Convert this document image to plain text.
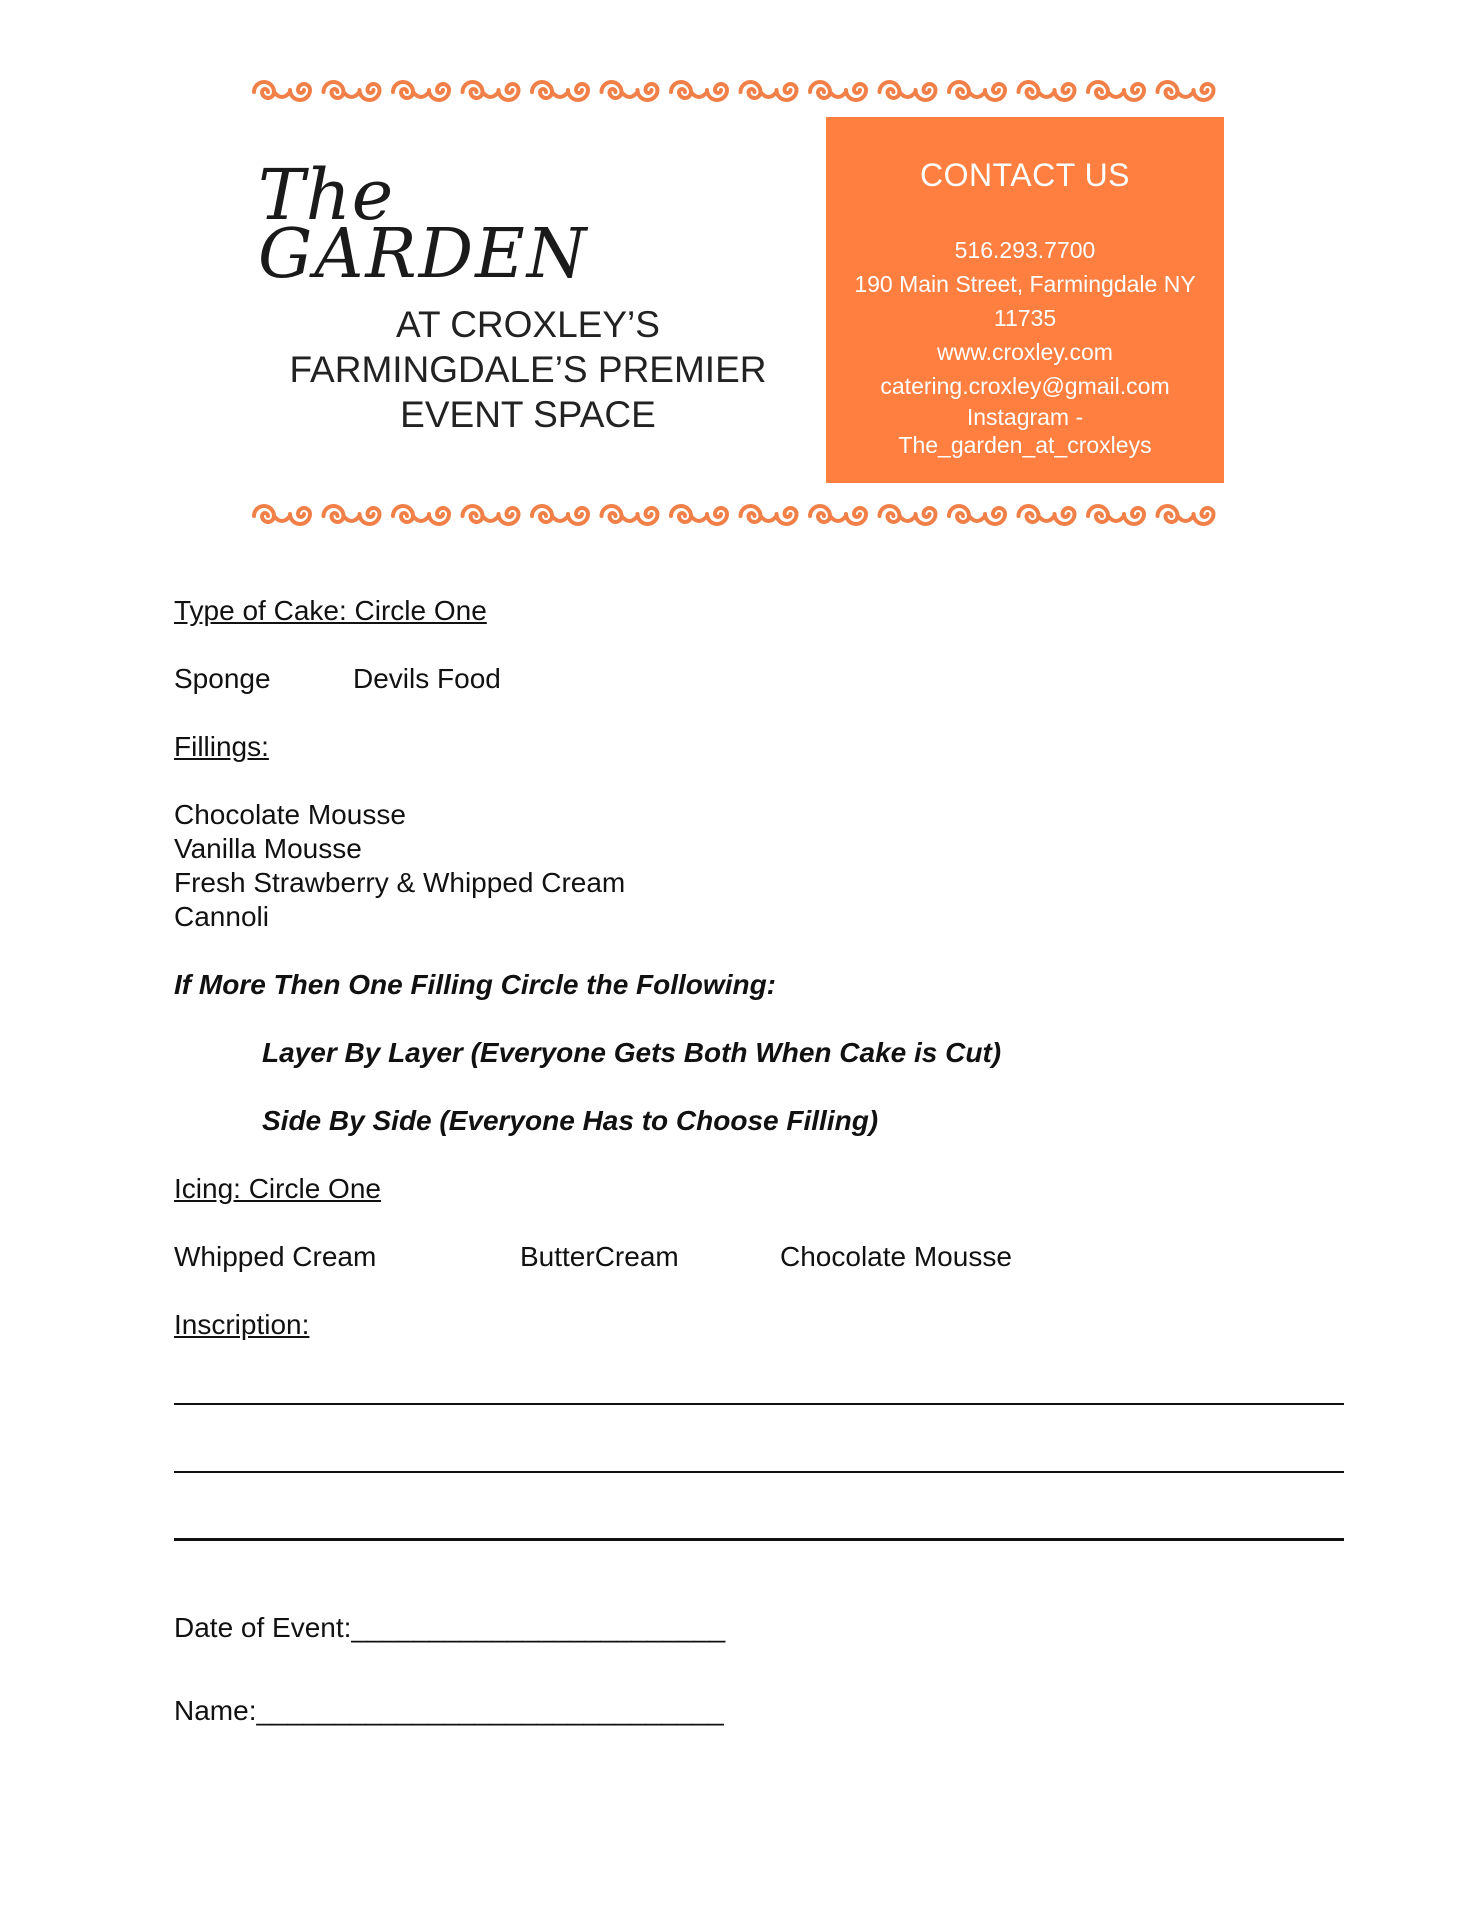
The
GARDEN
AT CROXLEY’S
FARMINGDALE’S PREMIER
EVENT SPACE
CONTACT US
516.293.7700
190 Main Street, Farmingdale NY
11735
www.croxley.com
catering.croxley@gmail.com
Instagram -
The_garden_at_croxleys
Type of Cake: Circle One
Sponge	Devils Food
Fillings:
Chocolate Mousse
Vanilla Mousse
Fresh Strawberry & Whipped Cream
Cannoli
If More Then One Filling Circle the Following:
Layer By Layer (Everyone Gets Both When Cake is Cut)
Side By Side (Everyone Has to Choose Filling)
Icing: Circle One
Whipped Cream	ButterCream	Chocolate Mousse
Inscription:
Date of Event:________________________
Name:______________________________
